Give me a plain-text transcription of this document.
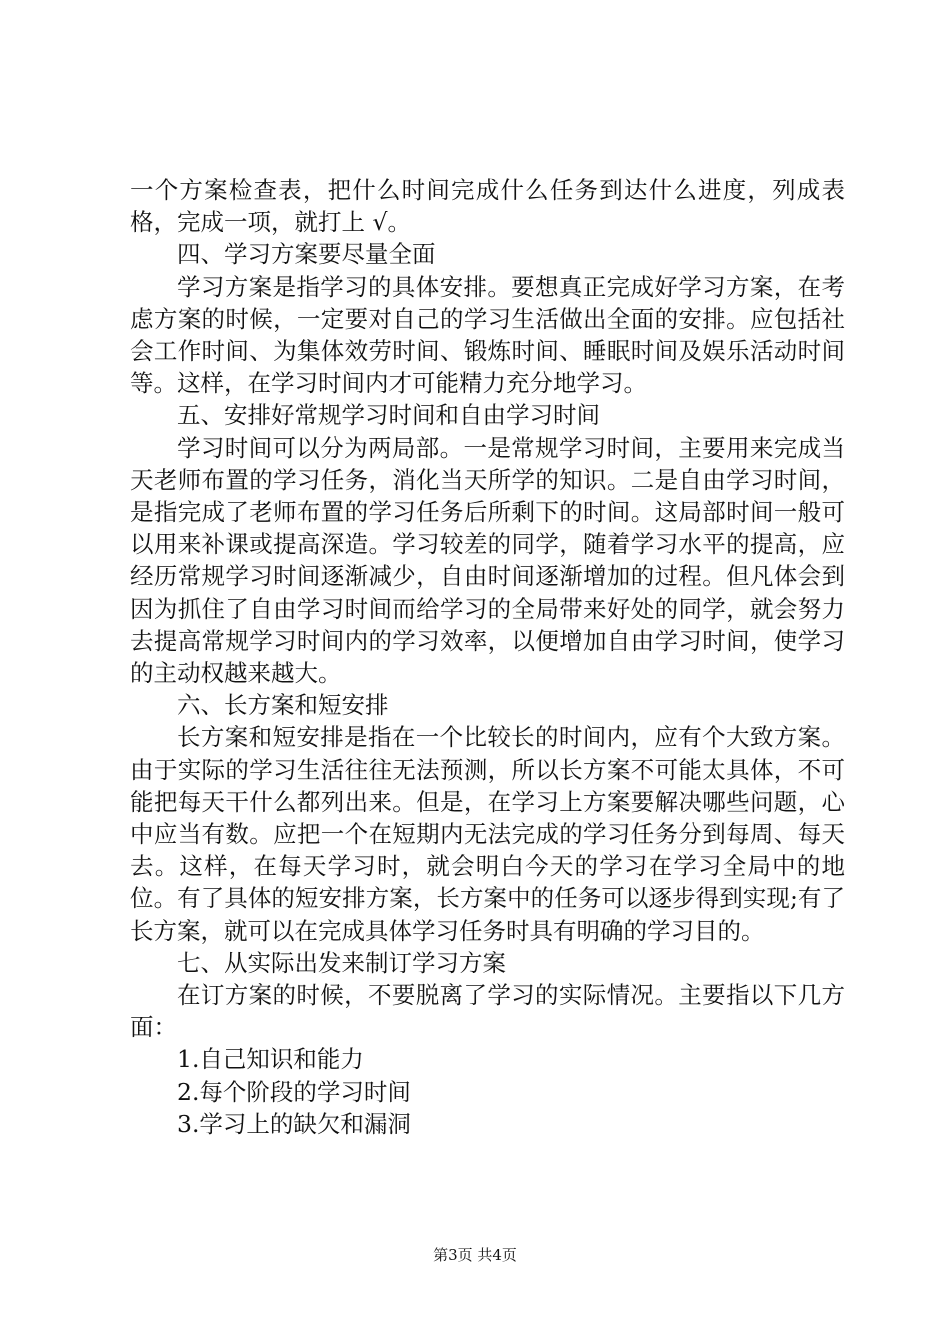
一个方案检查表，把什么时间完成什么任务到达什么进度，列成表格，完成一项，就打上 √。

四、学习方案要尽量全面

学习方案是指学习的具体安排。要想真正完成好学习方案，在考虑方案的时候，一定要对自己的学习生活做出全面的安排。应包括社会工作时间、为集体效劳时间、锻炼时间、睡眠时间及娱乐活动时间等。这样，在学习时间内才可能精力充分地学习。

五、安排好常规学习时间和自由学习时间

学习时间可以分为两局部。一是常规学习时间，主要用来完成当天老师布置的学习任务，消化当天所学的知识。二是自由学习时间，是指完成了老师布置的学习任务后所剩下的时间。这局部时间一般可以用来补课或提高深造。学习较差的同学，随着学习水平的提高，应经历常规学习时间逐渐减少，自由时间逐渐增加的过程。但凡体会到因为抓住了自由学习时间而给学习的全局带来好处的同学，就会努力去提高常规学习时间内的学习效率，以便增加自由学习时间，使学习的主动权越来越大。

六、长方案和短安排

长方案和短安排是指在一个比较长的时间内，应有个大致方案。由于实际的学习生活往往无法预测，所以长方案不可能太具体，不可能把每天干什么都列出来。但是，在学习上方案要解决哪些问题，心中应当有数。应把一个在短期内无法完成的学习任务分到每周、每天去。这样，在每天学习时，就会明白今天的学习在学习全局中的地位。有了具体的短安排方案，长方案中的任务可以逐步得到实现;有了长方案，就可以在完成具体学习任务时具有明确的学习目的。

七、从实际出发来制订学习方案

在订方案的时候，不要脱离了学习的实际情况。主要指以下几方面：

1.自己知识和能力

2.每个阶段的学习时间

3.学习上的缺欠和漏洞

第3页 共4页
